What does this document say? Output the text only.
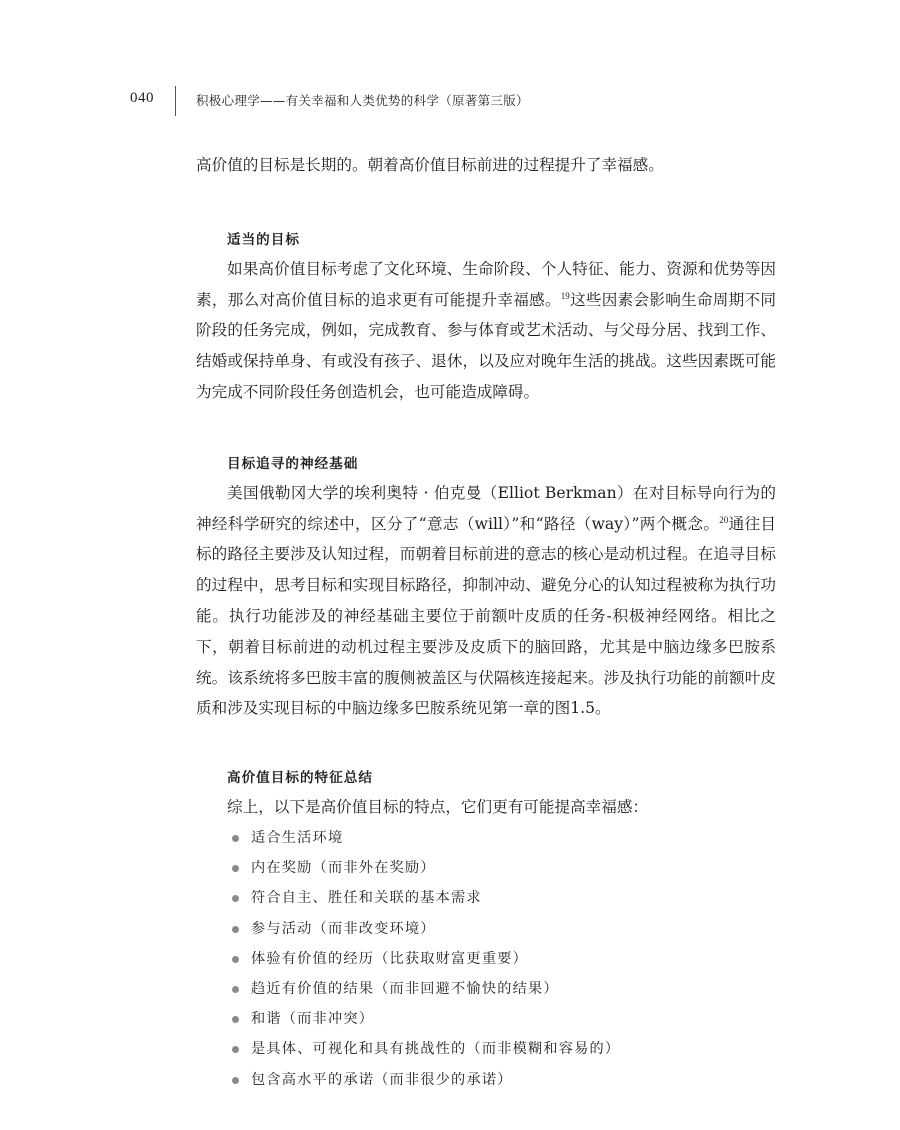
040	积极心理学——有关幸福和人类优势的科学（原著第三版）

高价值的目标是长期的。朝着高价值目标前进的过程提升了幸福感。

适当的目标

如果高价值目标考虑了文化环境、生命阶段、个人特征、能力、资源和优势等因素，那么对高价值目标的追求更有可能提升幸福感。$^{19}$这些因素会影响生命周期不同阶段的任务完成，例如，完成教育、参与体育或艺术活动、与父母分居、找到工作、结婚或保持单身、有或没有孩子、退休，以及应对晚年生活的挑战。这些因素既可能为完成不同阶段任务创造机会，也可能造成障碍。

目标追寻的神经基础

美国俄勒冈大学的埃利奥特 · 伯克曼（Elliot Berkman）在对目标导向行为的神经科学研究的综述中，区分了“意志（will）”和“路径（way）”两个概念。$^{20}$通往目标的路径主要涉及认知过程，而朝着目标前进的意志的核心是动机过程。在追寻目标的过程中，思考目标和实现目标路径，抑制冲动、避免分心的认知过程被称为执行功能。执行功能涉及的神经基础主要位于前额叶皮质的任务-积极神经网络。相比之下，朝着目标前进的动机过程主要涉及皮质下的脑回路，尤其是中脑边缘多巴胺系统。该系统将多巴胺丰富的腹侧被盖区与伏隔核连接起来。涉及执行功能的前额叶皮质和涉及实现目标的中脑边缘多巴胺系统见第一章的图1.5。

高价值目标的特征总结

综上，以下是高价值目标的特点，它们更有可能提高幸福感：

适合生活环境
内在奖励（而非外在奖励）
符合自主、胜任和关联的基本需求
参与活动（而非改变环境）
体验有价值的经历（比获取财富更重要）
趋近有价值的结果（而非回避不愉快的结果）
和谐（而非冲突）
是具体、可视化和具有挑战性的（而非模糊和容易的）
包含高水平的承诺（而非很少的承诺）
